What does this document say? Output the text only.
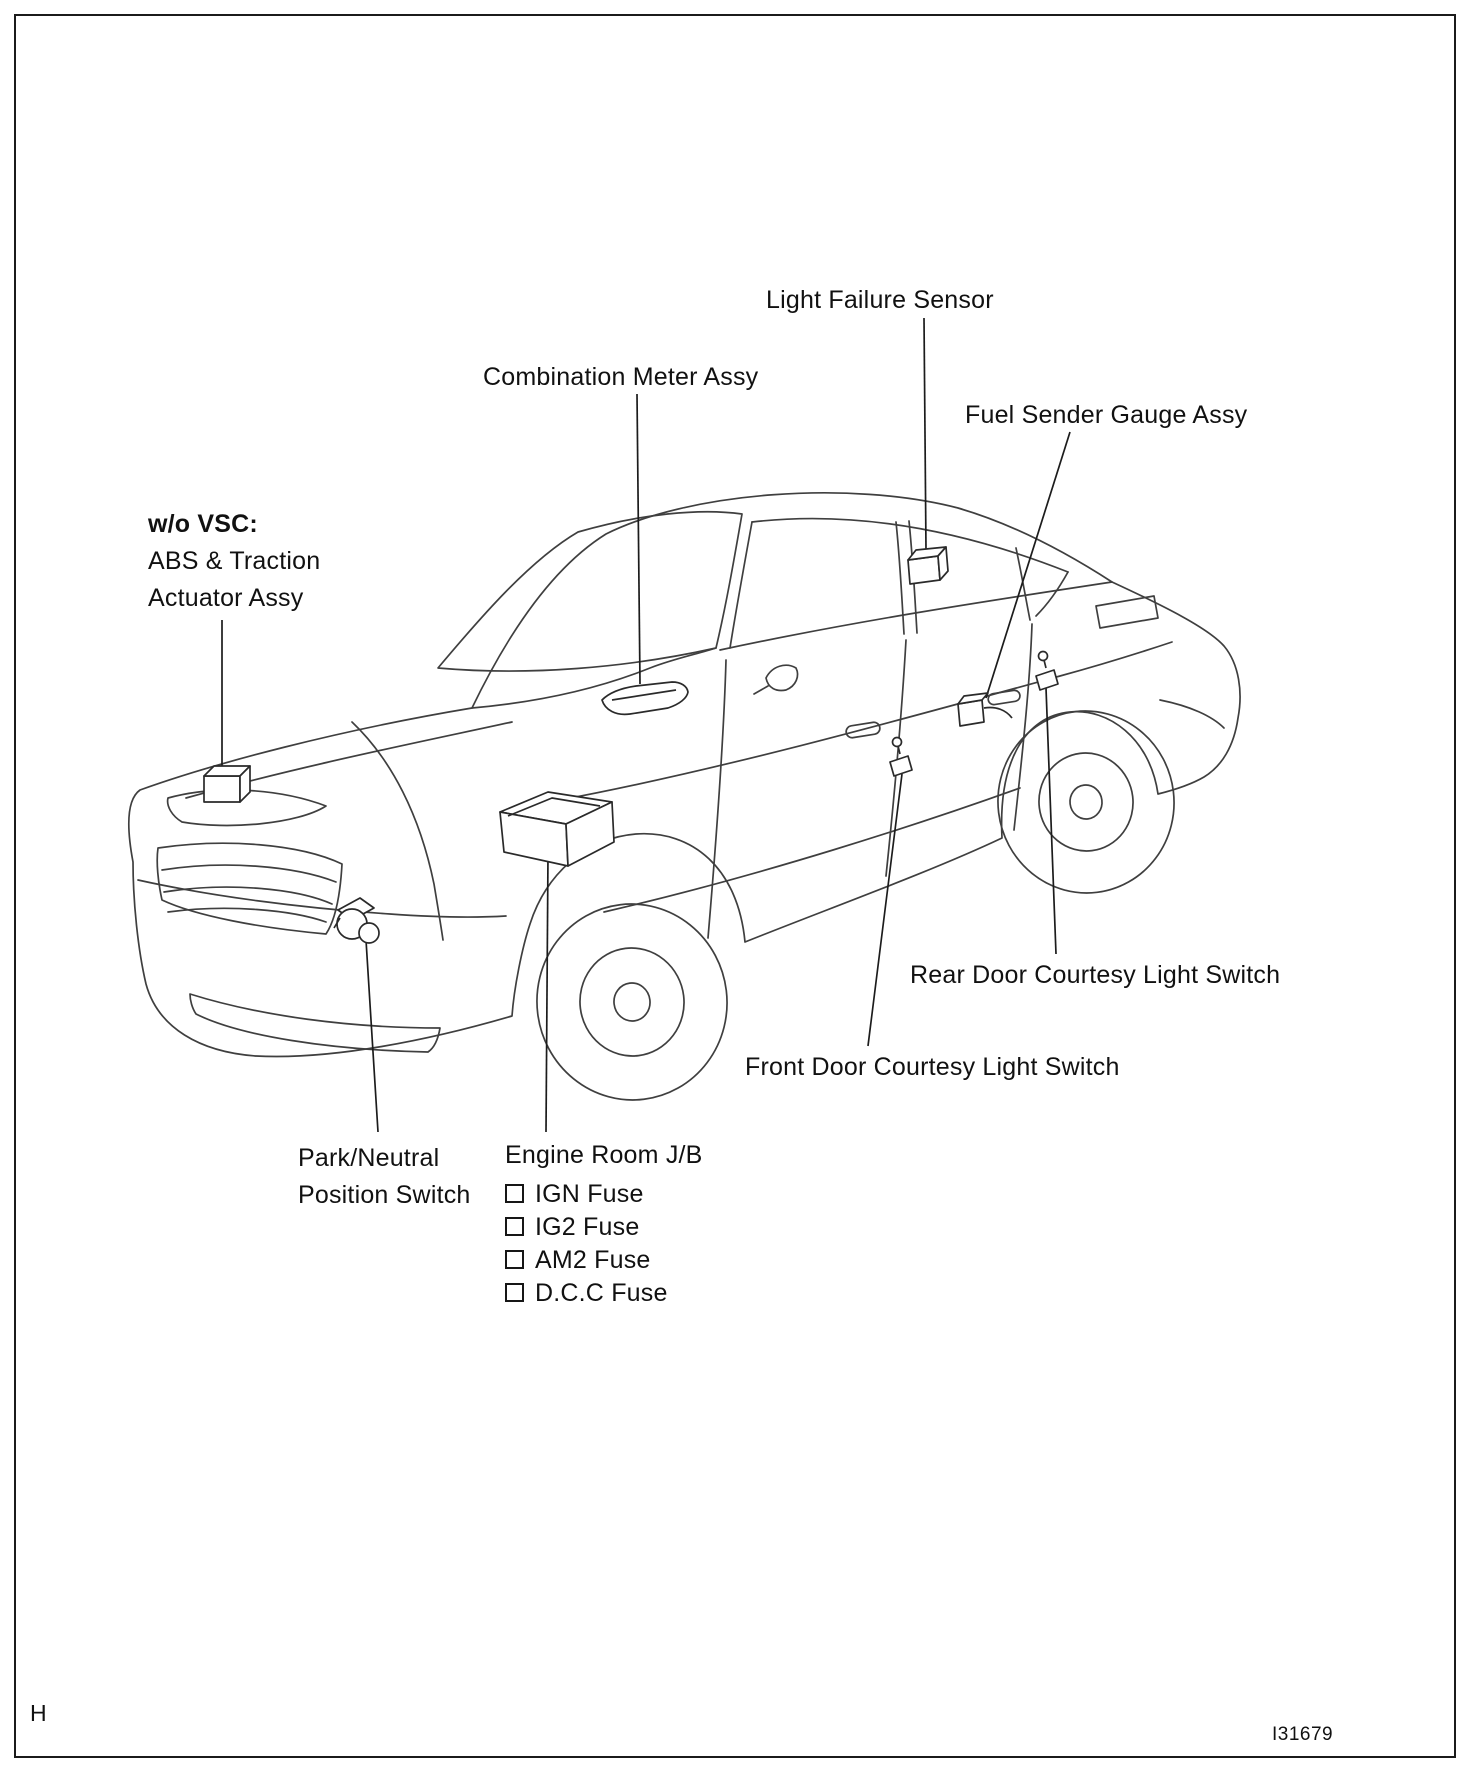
Light Failure Sensor
Combination Meter Assy
Fuel Sender Gauge Assy
w/o VSC:
ABS & Traction
Actuator Assy
Rear Door Courtesy Light Switch
Front Door Courtesy Light Switch
Park/Neutral
Position Switch
Engine Room J/B
IGN Fuse
IG2 Fuse
AM2 Fuse
D.C.C Fuse
H
I31679
